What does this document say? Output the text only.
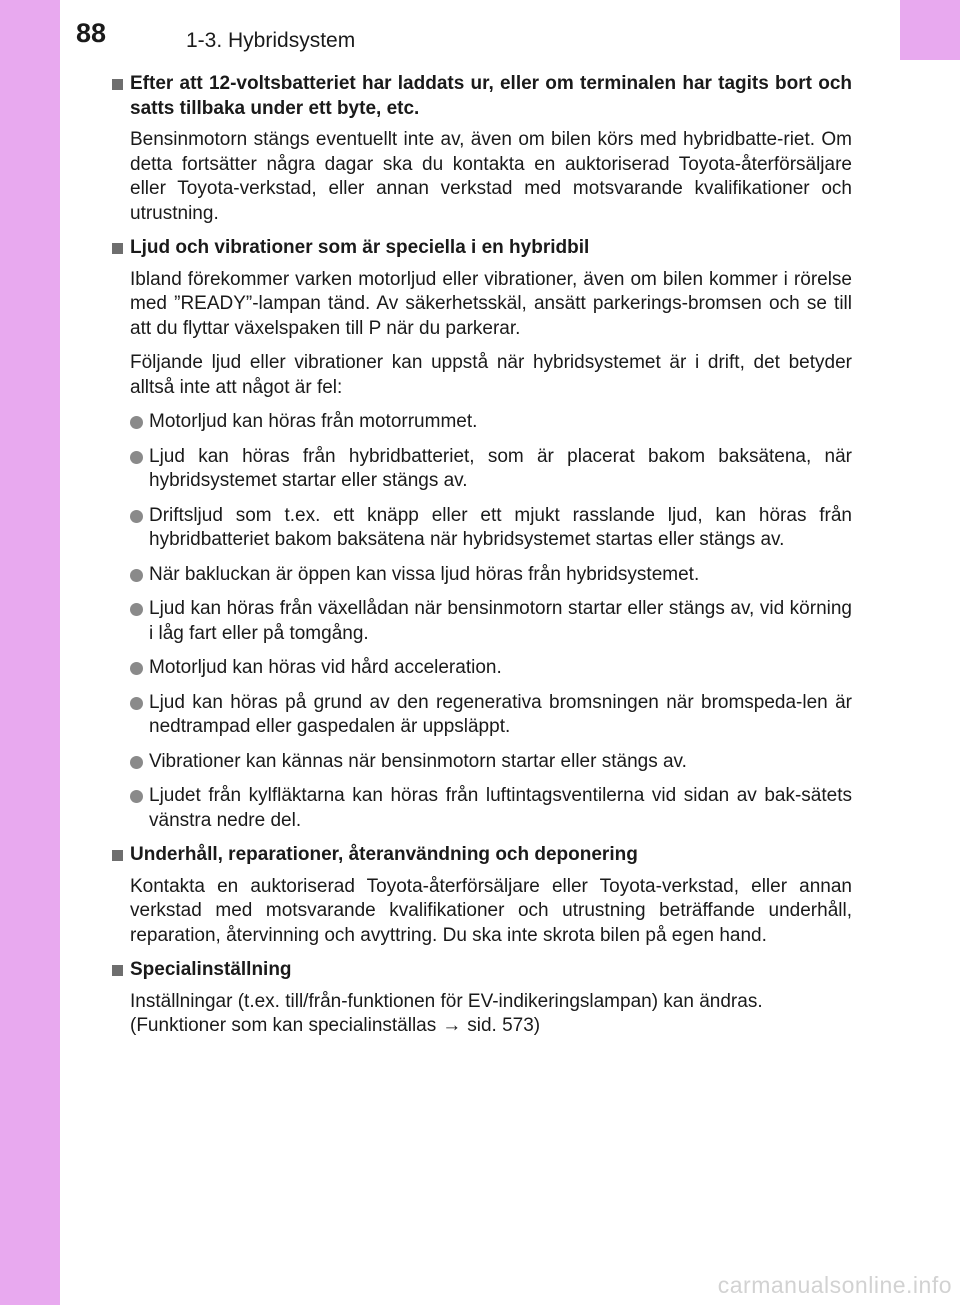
88	1-3. Hybridsystem
Efter att 12-voltsbatteriet har laddats ur, eller om terminalen har tagits bort och satts tillbaka under ett byte, etc.
Bensinmotorn stängs eventuellt inte av, även om bilen körs med hybridbatte-riet. Om detta fortsätter några dagar ska du kontakta en auktoriserad Toyota-återförsäljare eller Toyota-verkstad, eller annan verkstad med motsvarande kvalifikationer och utrustning.
Ljud och vibrationer som är speciella i en hybridbil
Ibland förekommer varken motorljud eller vibrationer, även om bilen kommer i rörelse med ”READY”-lampan tänd. Av säkerhetsskäl, ansätt parkerings-bromsen och se till att du flyttar växelspaken till P när du parkerar.
Följande ljud eller vibrationer kan uppstå när hybridsystemet är i drift, det betyder alltså inte att något är fel:
Motorljud kan höras från motorrummet.
Ljud kan höras från hybridbatteriet, som är placerat bakom baksätena, när hybridsystemet startar eller stängs av.
Driftsljud som t.ex. ett knäpp eller ett mjukt rasslande ljud, kan höras från hybridbatteriet bakom baksätena när hybridsystemet startas eller stängs av.
När bakluckan är öppen kan vissa ljud höras från hybridsystemet.
Ljud kan höras från växellådan när bensinmotorn startar eller stängs av, vid körning i låg fart eller på tomgång.
Motorljud kan höras vid hård acceleration.
Ljud kan höras på grund av den regenerativa bromsningen när bromspeda-len är nedtrampad eller gaspedalen är uppsläppt.
Vibrationer kan kännas när bensinmotorn startar eller stängs av.
Ljudet från kylfläktarna kan höras från luftintagsventilerna vid sidan av bak-sätets vänstra nedre del.
Underhåll, reparationer, återanvändning och deponering
Kontakta en auktoriserad Toyota-återförsäljare eller Toyota-verkstad, eller annan verkstad med motsvarande kvalifikationer och utrustning beträffande underhåll, reparation, återvinning och avyttring. Du ska inte skrota bilen på egen hand.
Specialinställning
Inställningar (t.ex. till/från-funktionen för EV-indikeringslampan) kan ändras.
(Funktioner som kan specialinställas → sid. 573)
carmanualsonline.info
